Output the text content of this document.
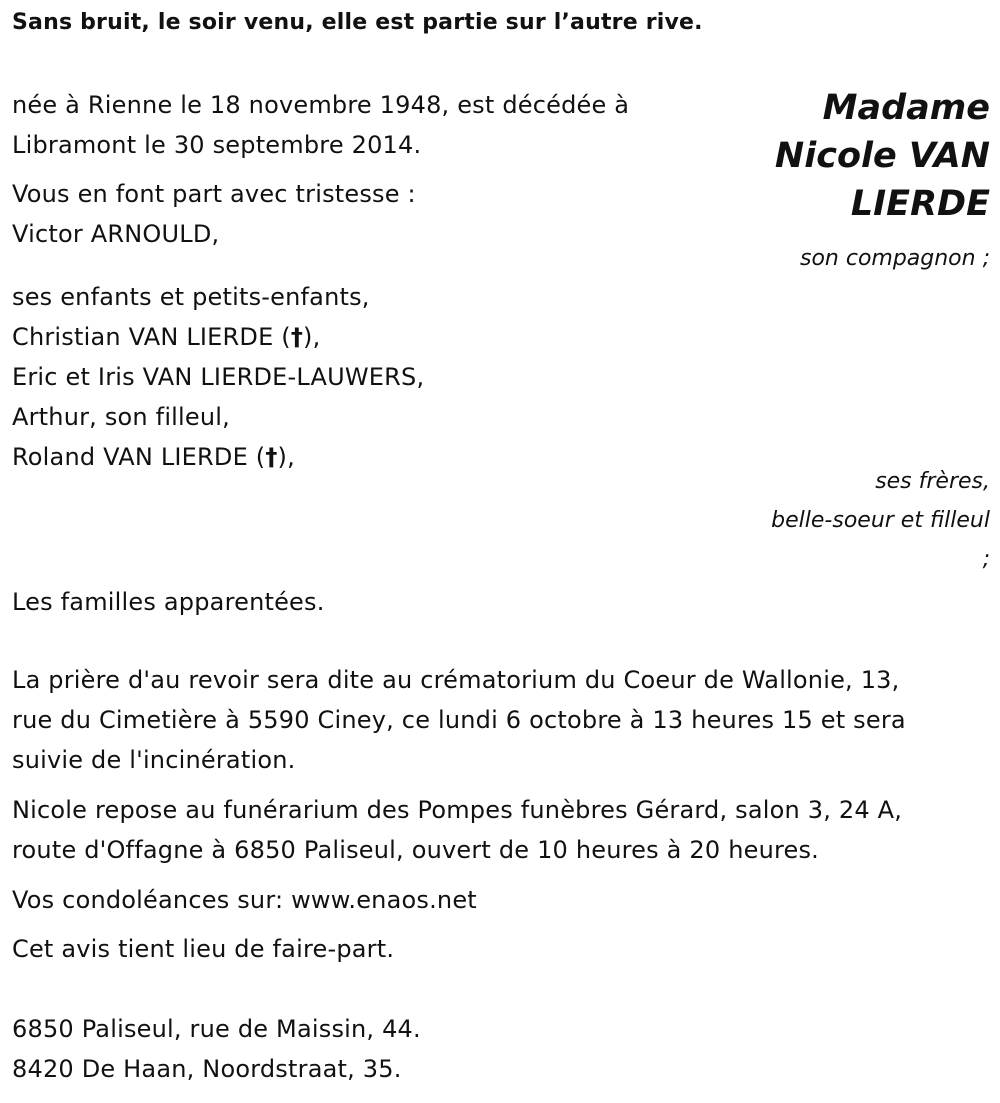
Sans bruit, le soir venu, elle est partie sur l’autre rive.
Madame
Nicole VAN
LIERDE
née à Rienne le 18 novembre 1948, est décédée à
Libramont le 30 septembre 2014.
Vous en font part avec tristesse :
Victor ARNOULD,
son compagnon ;
ses enfants et petits-enfants,
Christian VAN LIERDE (†),
Eric et Iris VAN LIERDE-LAUWERS,
Arthur, son filleul,
Roland VAN LIERDE (†),
ses frères,
belle-soeur et filleul
;
Les familles apparentées.
La prière d'au revoir sera dite au crématorium du Coeur de Wallonie, 13,
rue du Cimetière à 5590 Ciney, ce lundi 6 octobre à 13 heures 15 et sera
suivie de l'incinération.
Nicole repose au funérarium des Pompes funèbres Gérard, salon 3, 24 A,
route d'Offagne à 6850 Paliseul, ouvert de 10 heures à 20 heures.
Vos condoléances sur: www.enaos.net
Cet avis tient lieu de faire-part.
6850 Paliseul, rue de Maissin, 44.
8420 De Haan, Noordstraat, 35.
